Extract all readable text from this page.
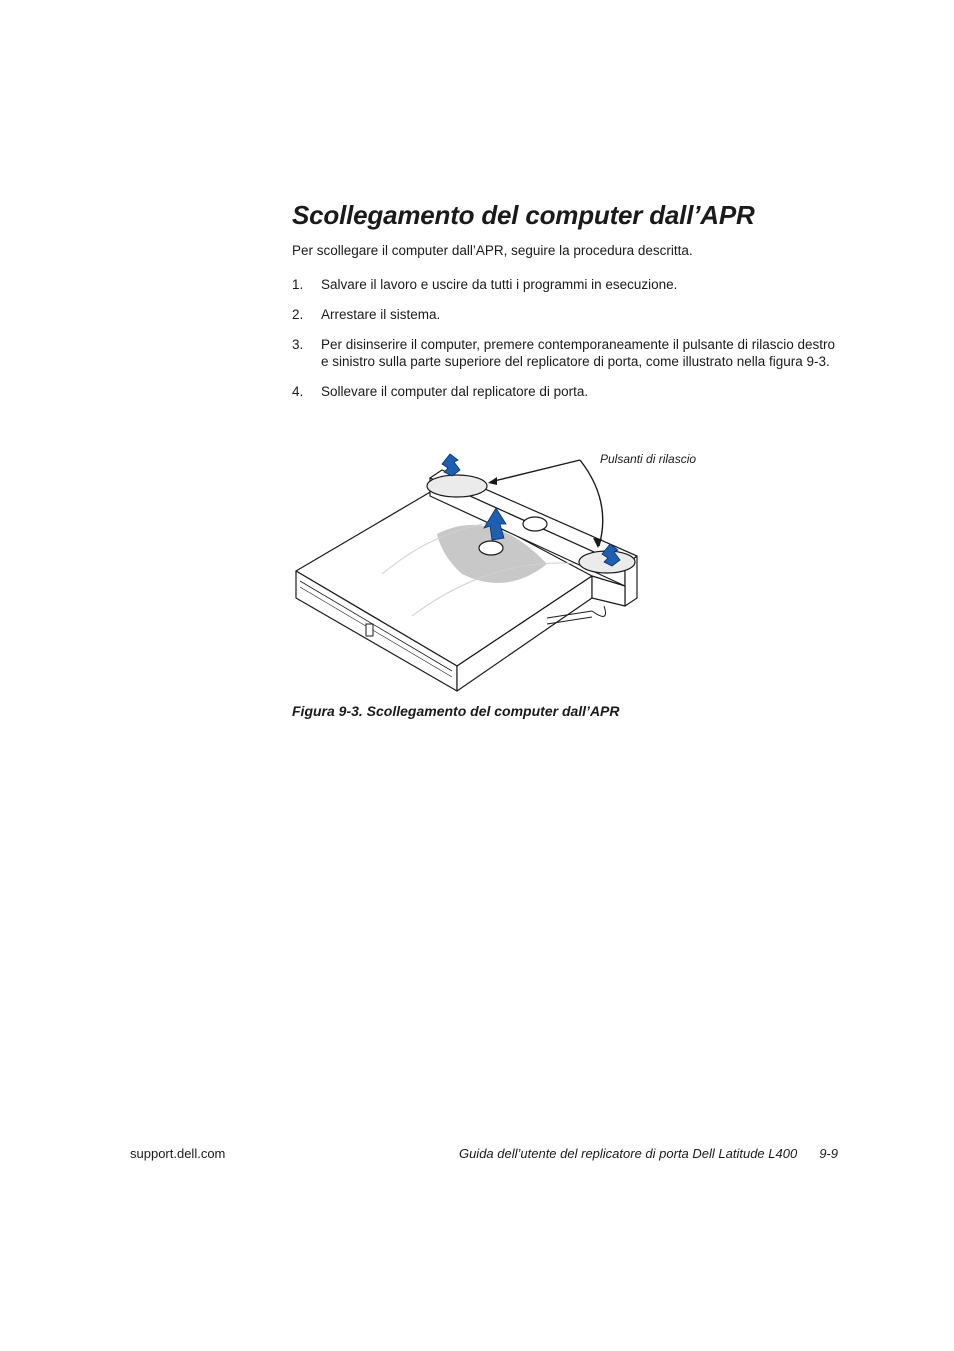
Scollegamento del computer dall’APR

Per scollegare il computer dall’APR, seguire la procedura descritta.

1.	Salvare il lavoro e uscire da tutti i programmi in esecuzione.
2.	Arrestare il sistema.
3.	Per disinserire il computer, premere contemporaneamente il pulsante di rilascio destro e sinistro sulla parte superiore del replicatore di porta, come illustrato nella figura 9-3.
4.	Sollevare il computer dal replicatore di porta.
Pulsanti di rilascio
Figura 9-3. Scollegamento del computer dall’APR
support.dell.com	Guida dell’utente del replicatore di porta Dell Latitude L400 9-9
